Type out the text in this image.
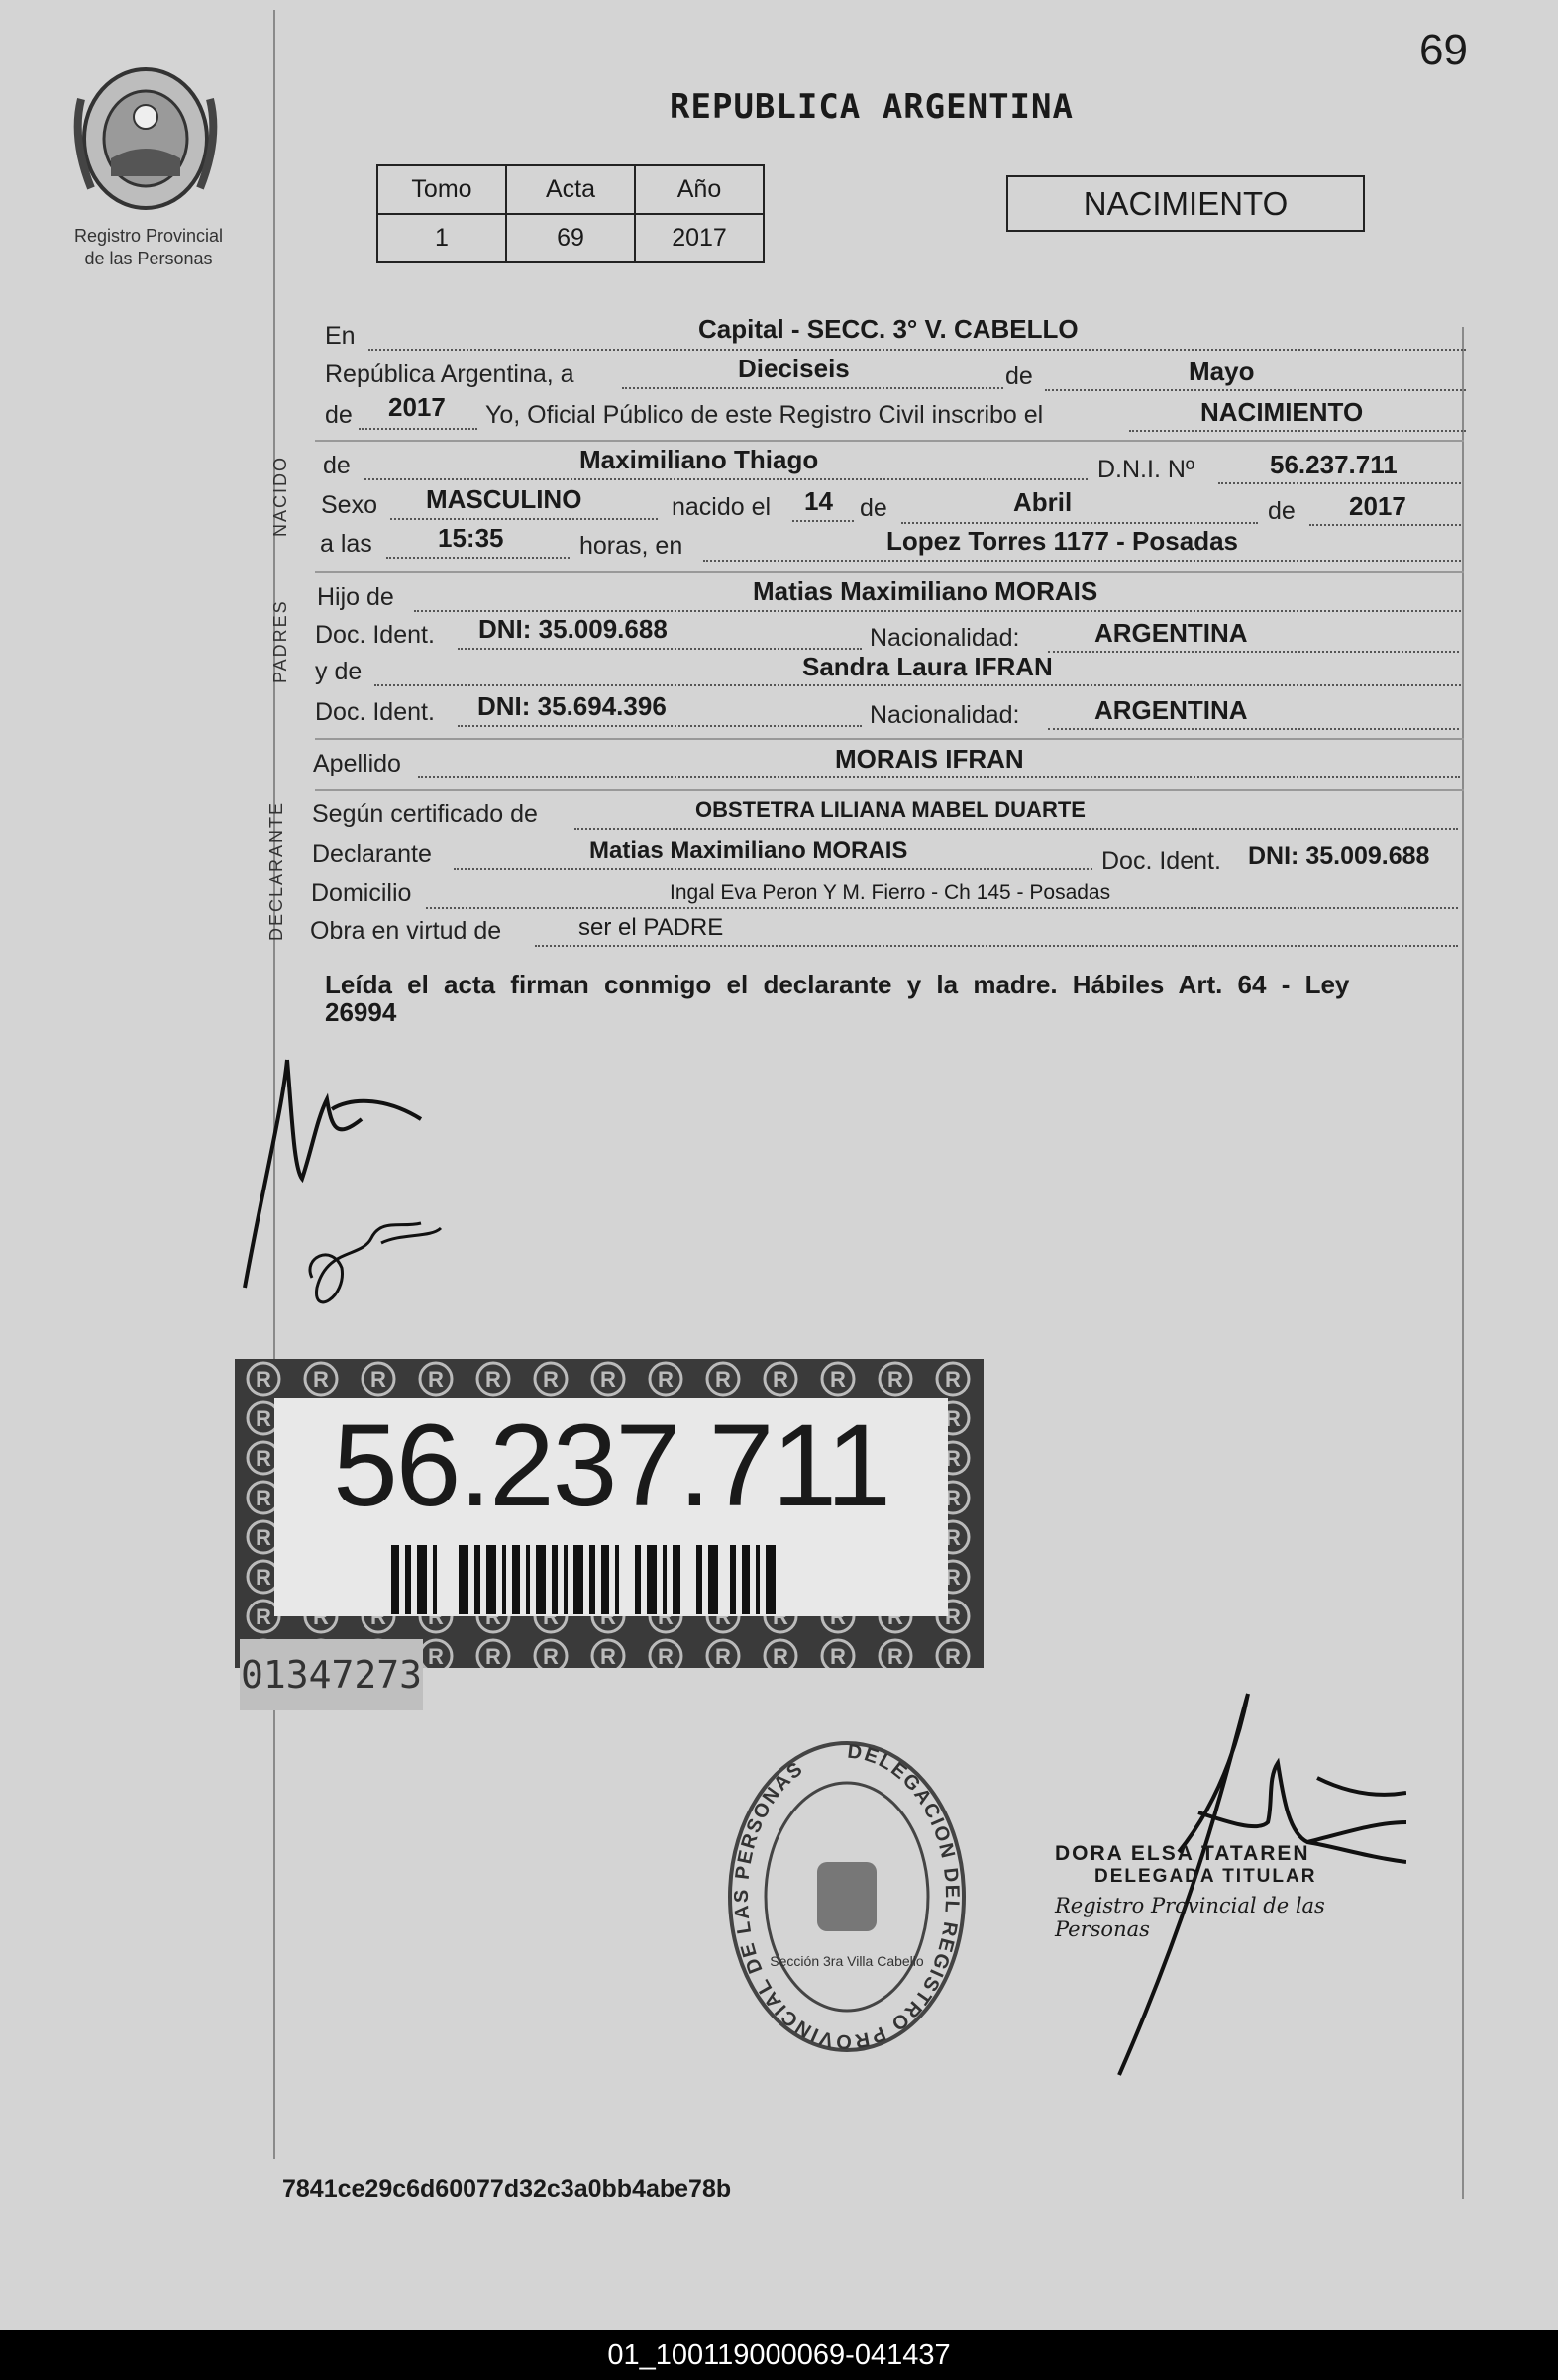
69
Registro Provincial
de las Personas
REPUBLICA ARGENTINA
Tomo	Acta	Año
1	69	2017
NACIMIENTO
En	Capital - SECC. 3° V. CABELLO
República Argentina, a	Dieciseis	de	Mayo
de 2017 Yo, Oficial Público de este Registro Civil inscribo el	NACIMIENTO
NACIDO de	Maximiliano Thiago	D.N.I. Nº	56.237.711
Sexo MASCULINO	nacido el 14 de	Abril	de 2017
a las	15:35	horas, en	Lopez Torres 1177 - Posadas
PADRES
Hijo de	Matias Maximiliano MORAIS
Doc. Ident. DNI: 35.009.688	Nacionalidad:	ARGENTINA
y de	Sandra Laura IFRAN
Doc. Ident. DNI: 35.694.396	Nacionalidad:	ARGENTINA
Apellido	MORAIS IFRAN
DECLARANTE Según certificado de	OBSTETRA LILIANA MABEL DUARTE
Declarante	Matias Maximiliano MORAIS	Doc. Ident. DNI: 35.009.688
Domicilio	Ingal Eva Peron Y M. Fierro - Ch 145 - Posadas
Obra en virtud de	ser el PADRE
Leída el acta firman conmigo el declarante y la madre. Hábiles Art. 64 - Ley 26994
56.237.711
01347273
DELEGACION DEL REGISTRO PROVINCIAL DE LAS PERSONAS
Sección 3ra Villa Cabello
DORA ELSA TATAREN
DELEGADA TITULAR
Registro Provincial de las Personas
7841ce29c6d60077d32c3a0bb4abe78b
01_100119000069-041437
